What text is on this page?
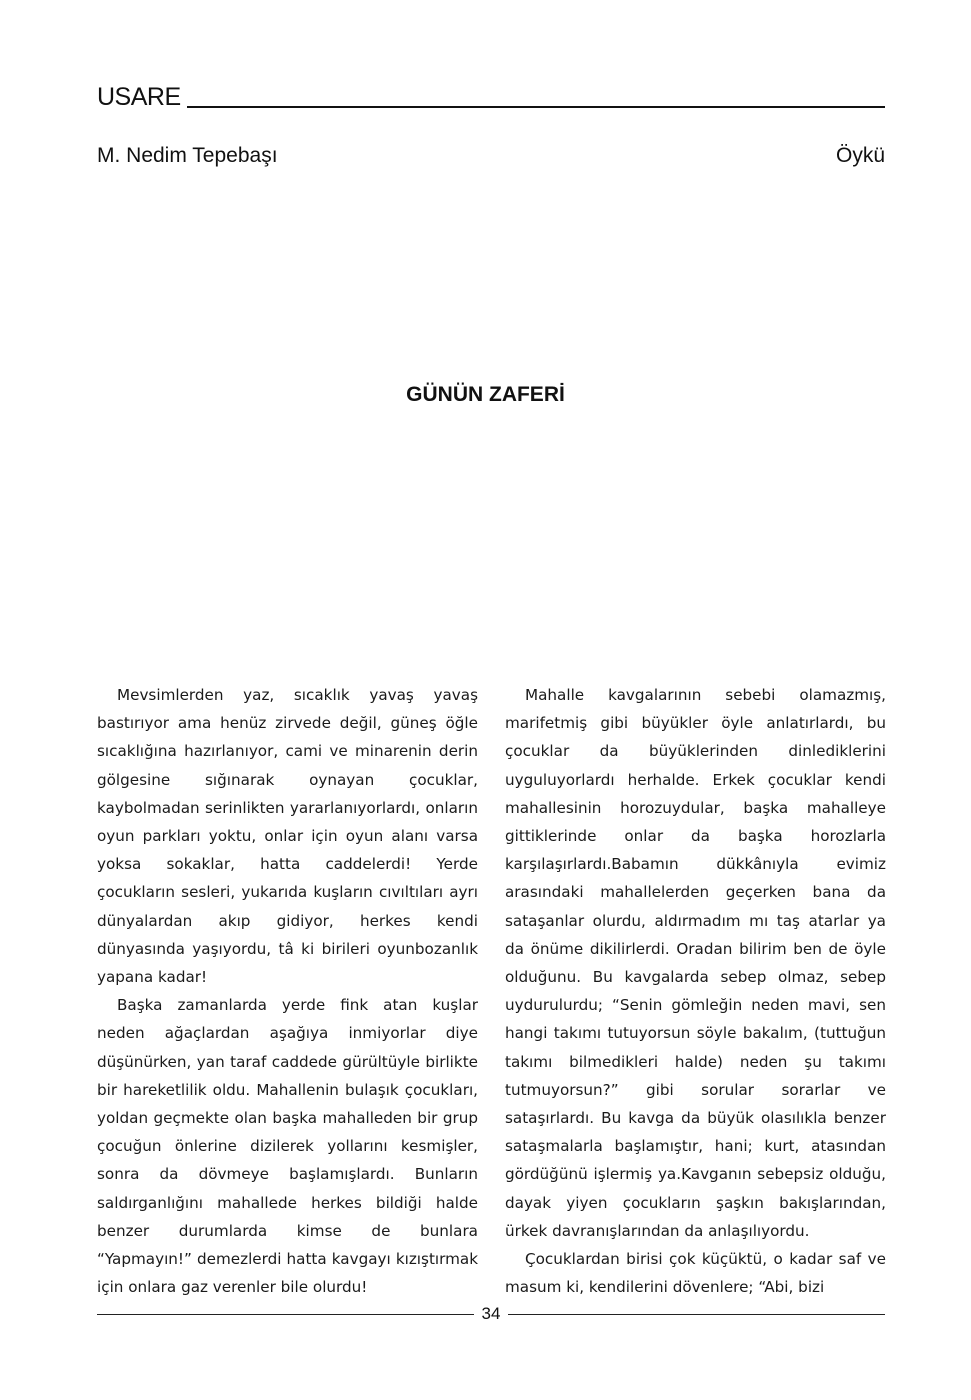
USARE
M. Nedim Tepebaşı	Öykü
GÜNÜN ZAFERİ

Mevsimlerden yaz, sıcaklık yavaş yavaş bastırıyor ama henüz zirvede değil, güneş öğle sıcaklığına hazırlanıyor, cami ve minarenin derin gölgesine sığınarak oynayan çocuklar, kaybolmadan serinlikten yararlanıyorlardı, onların oyun parkları yoktu, onlar için oyun alanı varsa yoksa sokaklar, hatta caddelerdi! Yerde çocukların sesleri, yukarıda kuşların cıvıltıları ayrı dünyalardan akıp gidiyor, herkes kendi dünyasında yaşıyordu, tâ ki birileri oyunbozanlık yapana kadar!

Başka zamanlarda yerde fink atan kuşlar neden ağaçlardan aşağıya inmiyorlar diye düşünürken, yan taraf caddede gürültüyle birlikte bir hareketlilik oldu. Mahallenin bulaşık çocukları, yoldan geçmekte olan başka mahalleden bir grup çocuğun önlerine dizilerek yollarını kesmişler, sonra da dövmeye başlamışlardı. Bunların saldırganlığını mahallede herkes bildiği halde benzer durumlarda kimse de bunlara “Yapmayın!” demezlerdi hatta kavgayı kızıştırmak için onlara gaz verenler bile olurdu!

Mahalle kavgalarının sebebi olamazmış, marifetmiş gibi büyükler öyle anlatırlardı, bu çocuklar da büyüklerinden dinlediklerini uyguluyorlardı herhalde. Erkek çocuklar kendi mahallesinin horozuydular, başka mahalleye gittiklerinde onlar da başka horozlarla karşılaşırlardı.Babamın dükkânıyla evimiz arasındaki mahallelerden geçerken bana da sataşanlar olurdu, aldırmadım mı taş atarlar ya da önüme dikilirlerdi. Oradan bilirim ben de öyle olduğunu. Bu kavgalarda sebep olmaz, sebep uydurulurdu; “Senin gömleğin neden mavi, sen hangi takımı tutuyorsun söyle bakalım, (tuttuğun takımı bilmedikleri halde) neden şu takımı tutmuyorsun?” gibi sorular sorarlar ve sataşırlardı. Bu kavga da büyük olasılıkla benzer sataşmalarla başlamıştır, hani; kurt, atasından gördüğünü işlermiş ya.Kavganın sebepsiz olduğu, dayak yiyen çocukların şaşkın bakışlarından, ürkek davranışlarından da anlaşılıyordu.

Çocuklardan birisi çok küçüktü, o kadar saf ve masum ki, kendilerini dövenlere; “Abi, bizi

34
